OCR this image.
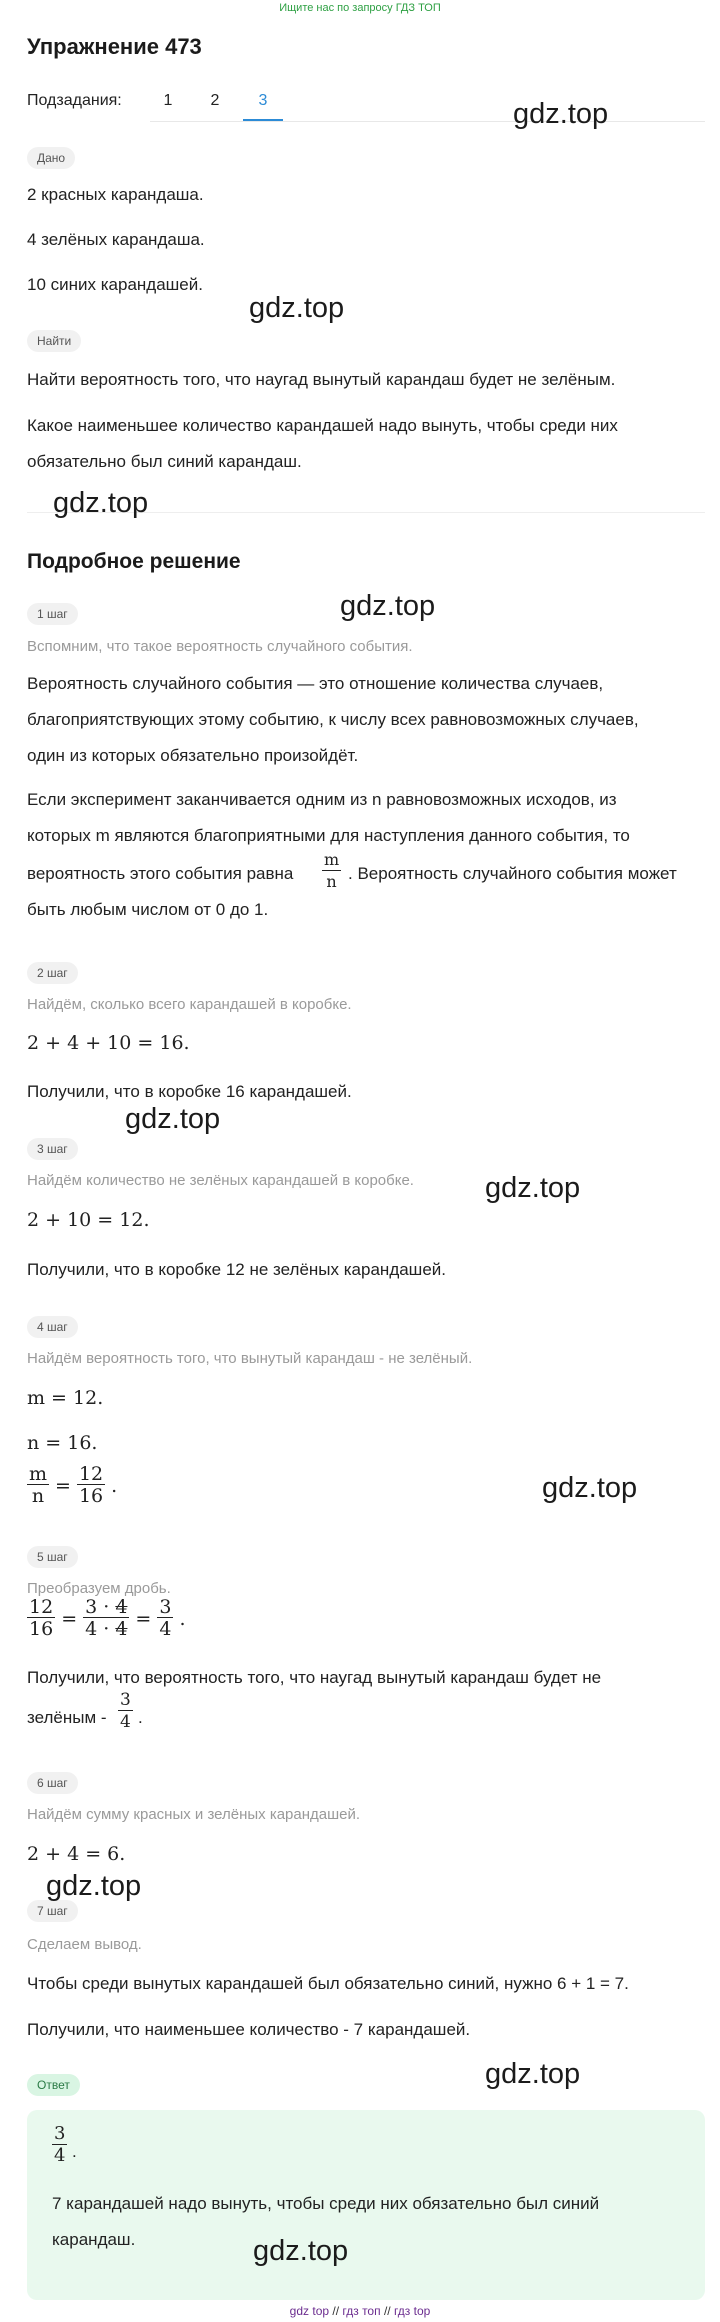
Ищите нас по запросу ГДЗ ТОП
Упражнение 473
Подзадания:	1	2	3
Дано
2 красных карандаша.
4 зелёных карандаша.
10 синих карандашей.
Найти
Найти вероятность того, что наугад вынутый карандаш будет не зелёным.
Какое наименьшее количество карандашей надо вынуть, чтобы среди них
обязательно был синий карандаш.
Подробное решение
1 шаг
Вспомним, что такое вероятность случайного события.
Вероятность случайного события — это отношение количества случаев,
благоприятствующих этому событию, к числу всех равновозможных случаев,
один из которых обязательно произойдёт.
Если эксперимент заканчивается одним из n равновозможных исходов, из
которых m являются благоприятными для наступления данного события, то
вероятность этого события равна $\frac{m}{n}$ . Вероятность случайного события может
быть любым числом от 0 до 1.
2 шаг
Найдём, сколько всего карандашей в коробке.
2 + 4 + 10 = 16.
Получили, что в коробке 16 карандашей.
3 шаг
Найдём количество не зелёных карандашей в коробке.
2 + 10 = 12.
Получили, что в коробке 12 не зелёных карандашей.
4 шаг
Найдём вероятность того, что вынутый карандаш - не зелёный.
m = 12.
n = 16.
$\frac{m}{n} = \frac{12}{16}$ .
5 шаг
Преобразуем дробь.
$\frac{12}{16} = \frac{3 \cdot 4}{4 \cdot 4} = \frac{3}{4}$ .
Получили, что вероятность того, что наугад вынутый карандаш будет не
зелёным - $\frac{3}{4}$ .
6 шаг
Найдём сумму красных и зелёных карандашей.
2 + 4 = 6.
7 шаг
Сделаем вывод.
Чтобы среди вынутых карандашей был обязательно синий, нужно 6 + 1 = 7.
Получили, что наименьшее количество - 7 карандашей.
Ответ
$\frac{3}{4}$ .
7 карандашей надо вынуть, чтобы среди них обязательно был синий
карандаш.
gdz.top
gdz.top
gdz.top
gdz.top
gdz.top
gdz.top
gdz.top
gdz.top
gdz.top
gdz.top
gdz top // гдз топ // гдз top
